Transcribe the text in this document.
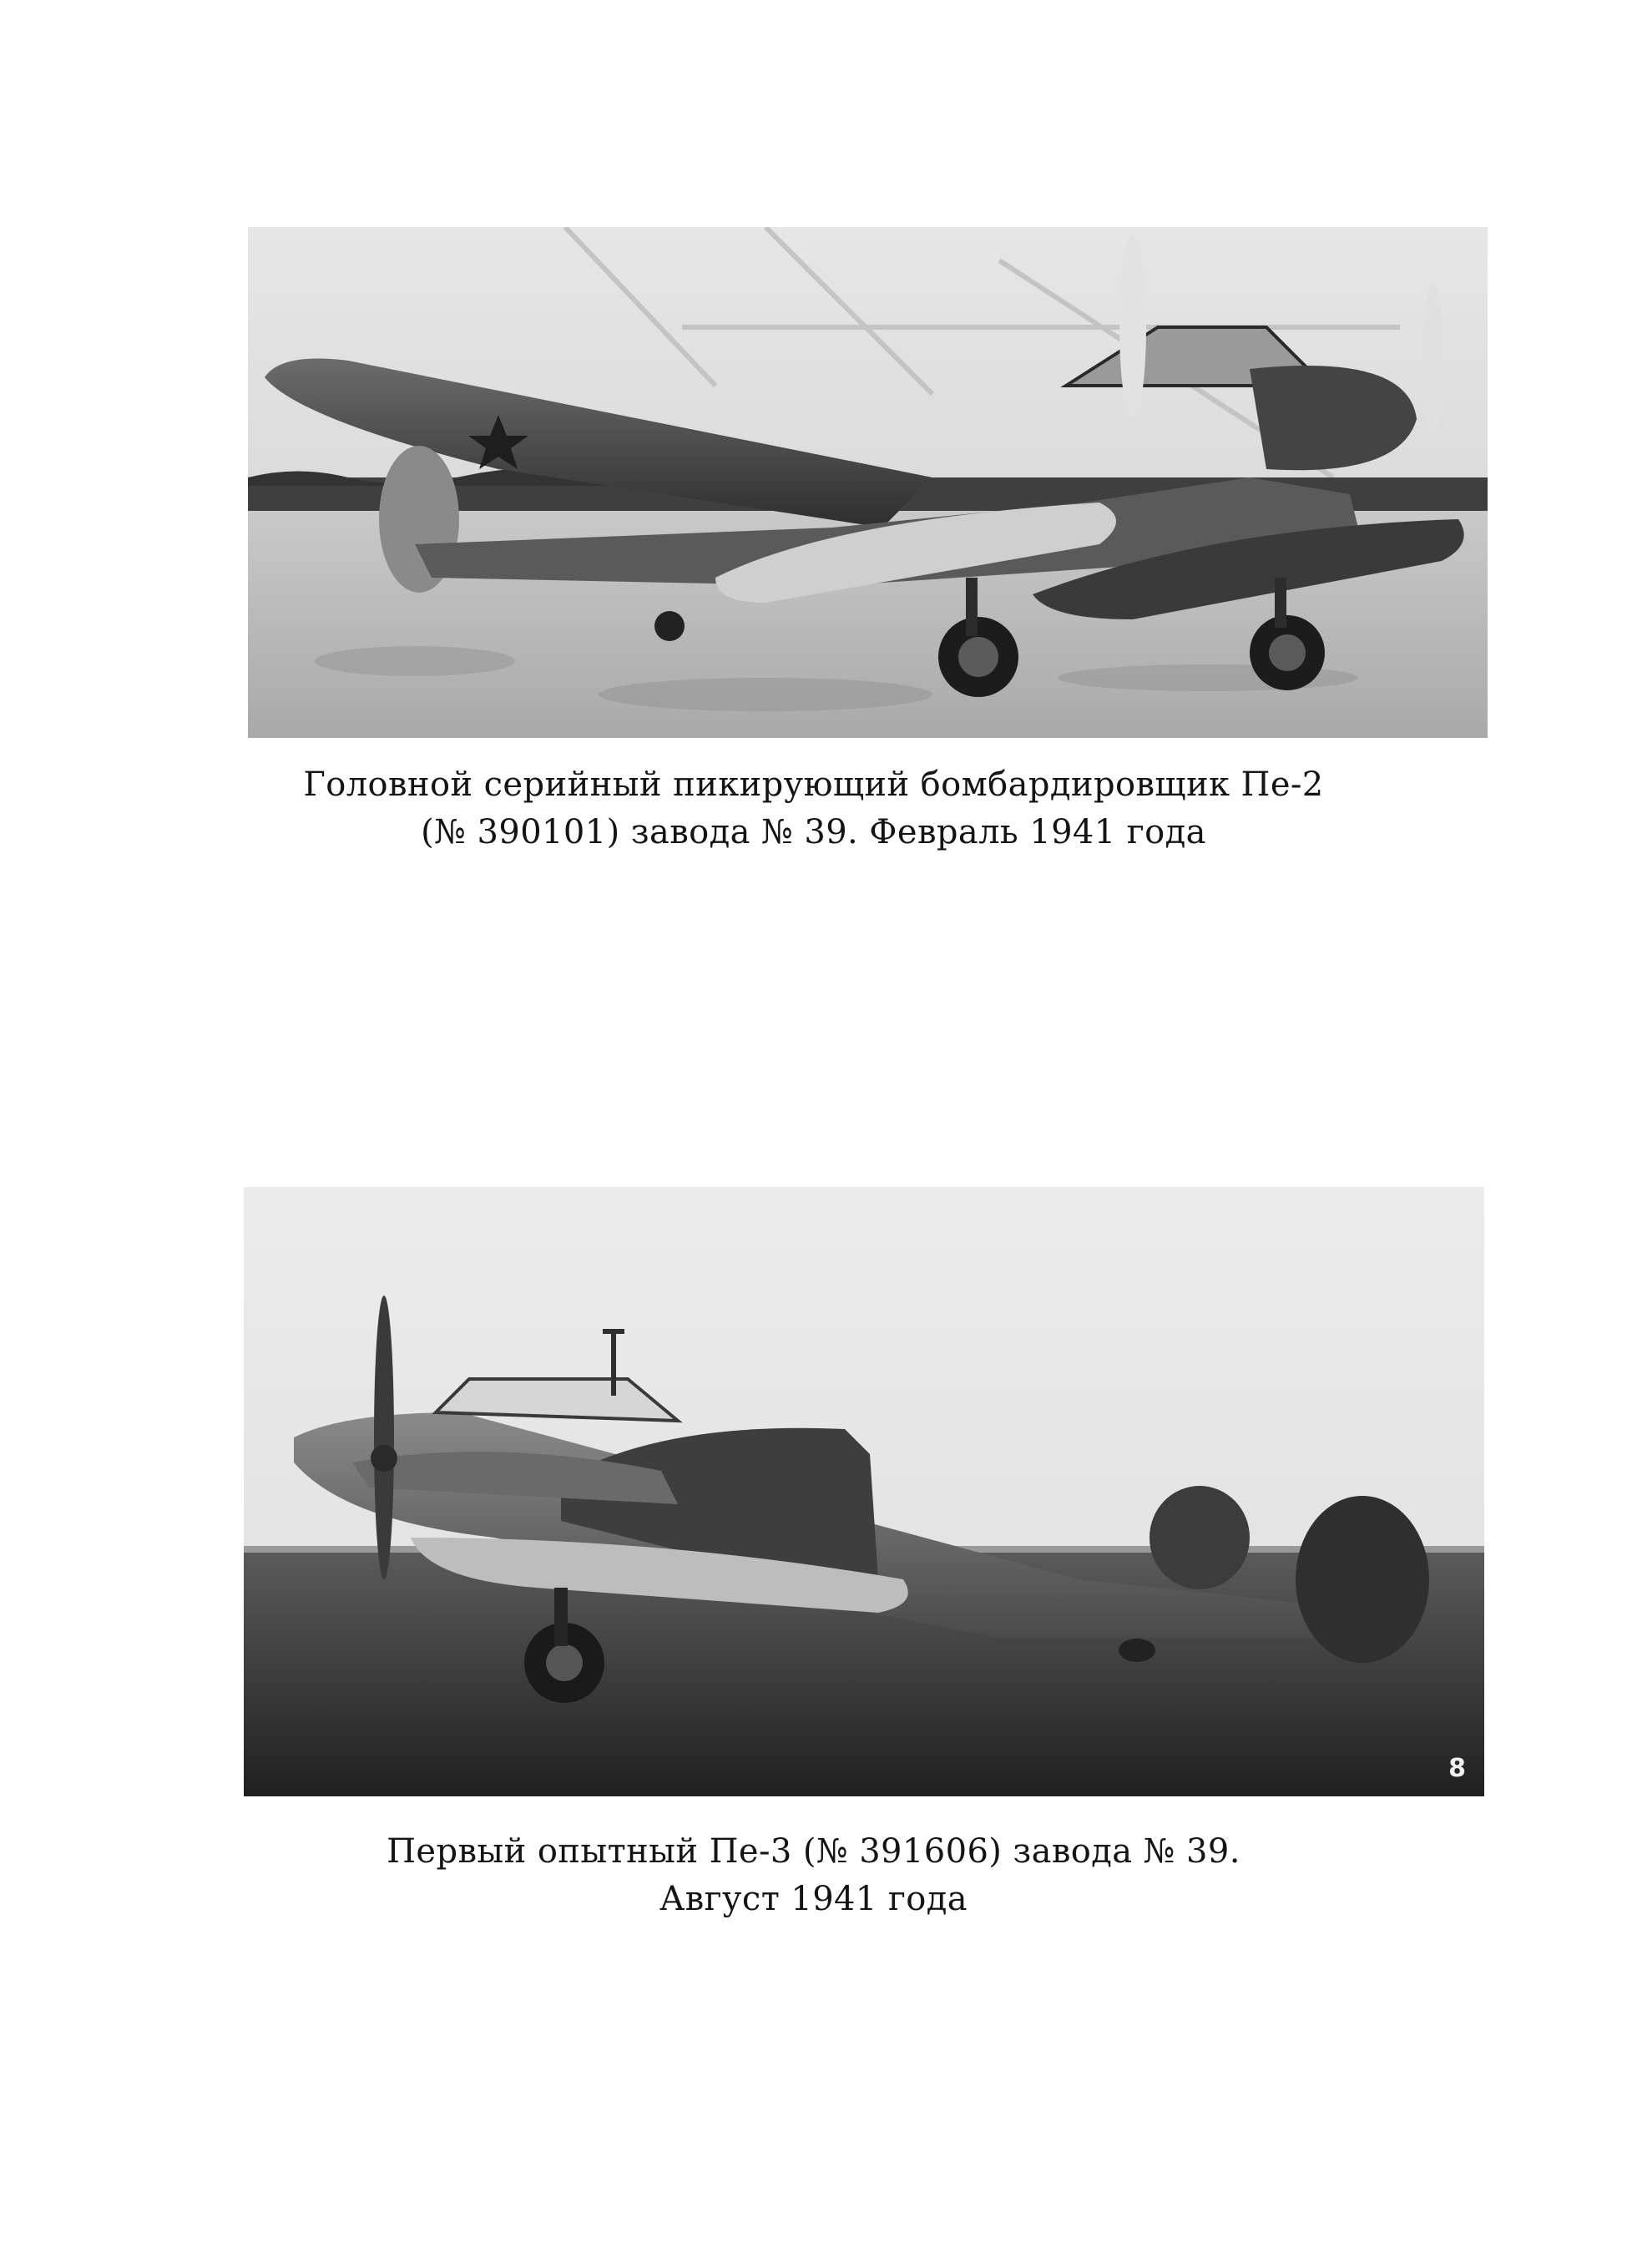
Головной серийный пикирующий бомбардировщик Пе-2
(№ 390101) завода № 39. Февраль 1941 года
8
Первый опытный Пе-3 (№ 391606) завода № 39.
Август 1941 года
